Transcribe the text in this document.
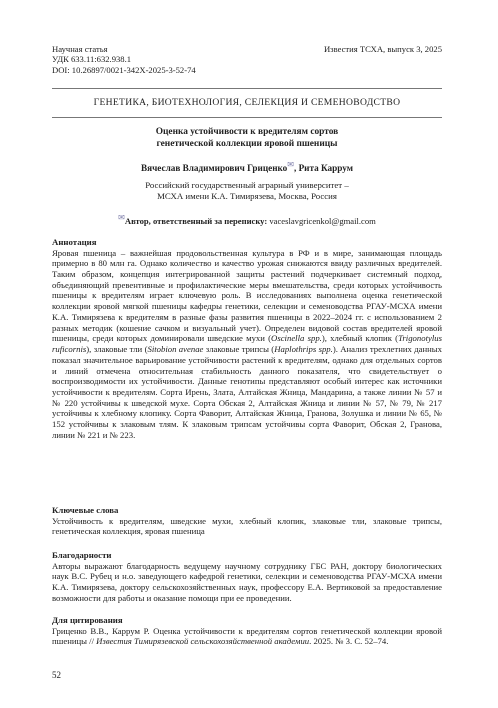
Научная статья
УДК 633.11:632.938.1
DOI: 10.26897/0021-342X-2025-3-52-74
Известия ТСХА, выпуск 3, 2025
ГЕНЕТИКА, БИОТЕХНОЛОГИЯ, СЕЛЕКЦИЯ И СЕМЕНОВОДСТВО
Оценка устойчивости к вредителям сортов
генетической коллекции яровой пшеницы
Вячеслав Владимирович Гриценко✉, Рита Каррум
Российский государственный аграрный университет –
МСХА имени К.А. Тимирязева, Москва, Россия
✉Автор, ответственный за переписку: vaceslavgricenkol@gmail.com

Аннотация

Яровая пшеница – важнейшая продовольственная культура в РФ и в мире, занимающая площадь примерно в 80 млн га. Однако количество и качество урожая снижаются ввиду различных вредителей. Таким образом, концепция интегрированной защиты растений подчеркивает системный подход, объединяющий превентивные и профилактические меры вмешательства, среди которых устойчивость пшеницы к вредителям играет ключевую роль. В исследованиях выполнена оценка генетической коллекции яровой мягкой пшеницы кафедры генетики, селекции и семеноводства РГАУ-МСХА имени К.А. Тимирязева к вредителям в разные фазы развития пшеницы в 2022–2024 гг. с использованием 2 разных методик (кошение сачком и визуальный учет). Определен видовой состав вредителей яровой пшеницы, среди которых доминировали шведские мухи (Oscinella spp.), хлебный клопик (Trigonotylus ruficornis), злаковые тли (Sitobion avenae злаковые трипсы (Haplothrips spp.). Анализ трехлетних данных показал значительное варьирование устойчивости растений к вредителям, однако для отдельных сортов и линий отмечена относительная стабильность данного показателя, что свидетельствует о воспроизводимости их устойчивости. Данные генотипы представляют особый интерес как источники устойчивости к вредителям. Сорта Ирень, Злата, Алтайская Жница, Мандарина, а также линии № 57 и № 220 устойчивы к шведской мухе. Сорта Обская 2, Алтайская Жница и линии № 57, № 79, № 217 устойчивы к хлебному клопику. Сорта Фаворит, Алтайская Жница, Гранова, Золушка и линии № 65, № 152 устойчивы к злаковым тлям. К злаковым трипсам устойчивы сорта Фаворит, Обская 2, Гранова, линии № 221 и № 223.

Ключевые слова

Устойчивость к вредителям, шведские мухи, хлебный клопик, злаковые тли, злаковые трипсы, генетическая коллекция, яровая пшеница

Благодарности

Авторы выражают благодарность ведущему научному сотруднику ГБС РАН, доктору биологических наук В.С. Рубец и н.о. заведующего кафедрой генетики, селекции и семеноводства РГАУ-МСХА имени К.А. Тимирязева, доктору сельскохозяйственных наук, профессору Е.А. Вертиковой за предоставление возможности для работы и оказание помощи при ее проведении.

Для цитирования

Гриценко В.В., Каррум Р. Оценка устойчивости к вредителям сортов генетической коллекции яровой пшеницы // Известия Тимирязевской сельскохозяйственной академии. 2025. № 3. С. 52–74.

52
